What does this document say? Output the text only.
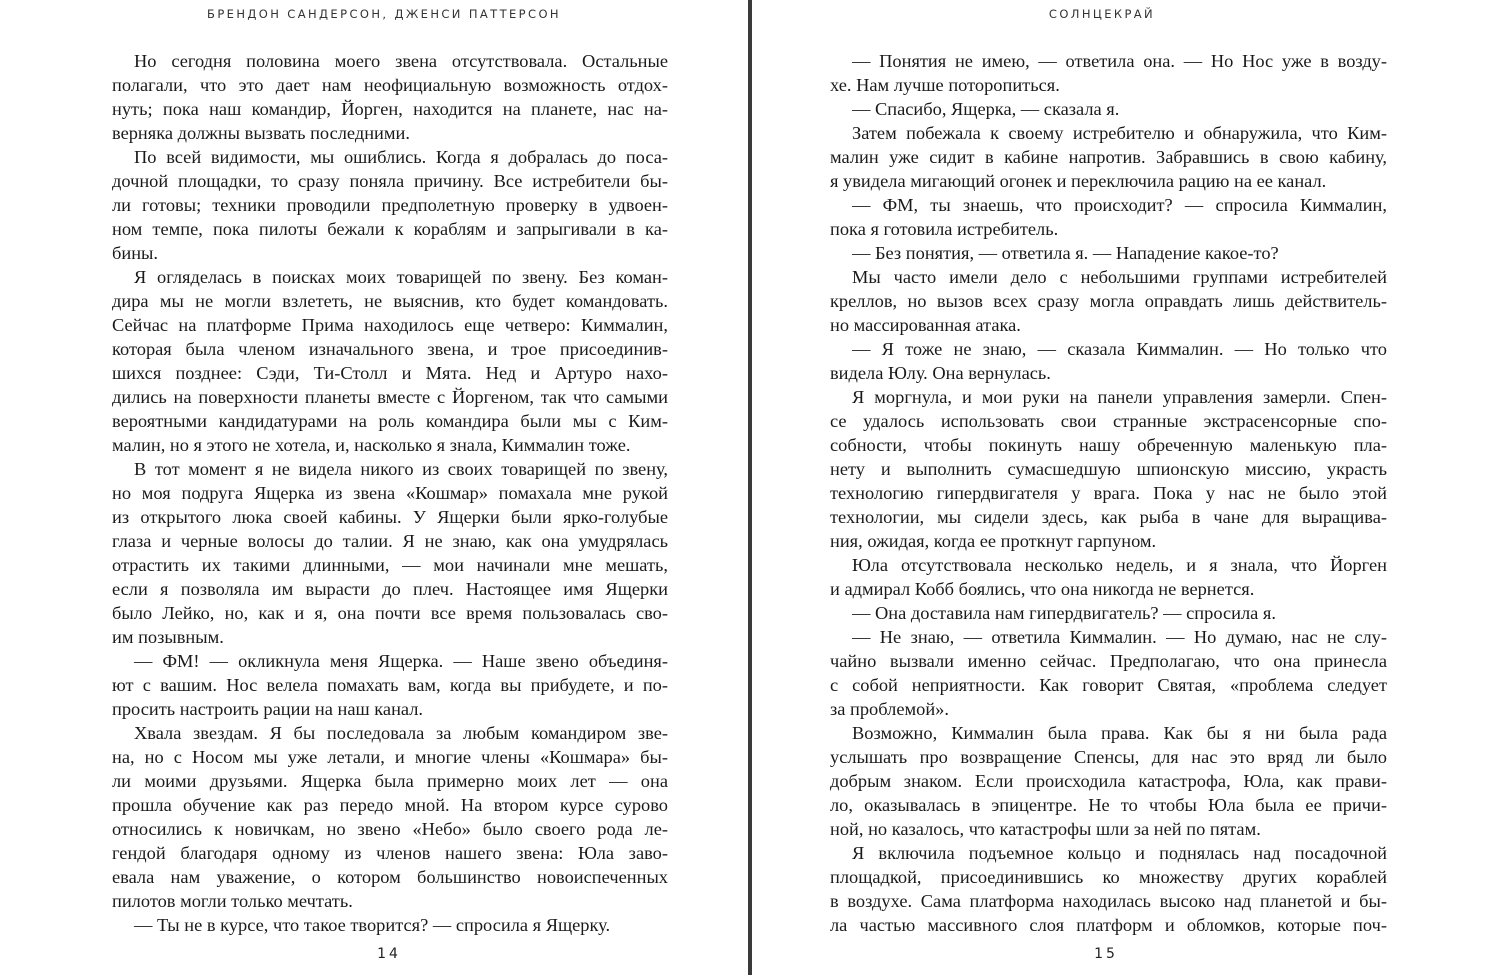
БРЕНДОН САНДЕРСОН, ДЖЕНСИ ПАТТЕРСОН
Но сегодня половина моего звена отсутствовала. Остальные
полагали, что это дает нам неофициальную возможность отдох-
нуть; пока наш командир, Йорген, находится на планете, нас на-
верняка должны вызвать последними.
По всей видимости, мы ошиблись. Когда я добралась до поса-
дочной площадки, то сразу поняла причину. Все истребители бы-
ли готовы; техники проводили предполетную проверку в удвоен-
ном темпе, пока пилоты бежали к кораблям и запрыгивали в ка-
бины.
Я огляделась в поисках моих товарищей по звену. Без коман-
дира мы не могли взлететь, не выяснив, кто будет командовать.
Сейчас на платформе Прима находилось еще четверо: Киммалин,
которая была членом изначального звена, и трое присоединив-
шихся позднее: Сэди, Ти-Столл и Мята. Нед и Артуро нахо-
дились на поверхности планеты вместе с Йоргеном, так что самыми
вероятными кандидатурами на роль командира были мы с Ким-
малин, но я этого не хотела, и, насколько я знала, Киммалин тоже.
В тот момент я не видела никого из своих товарищей по звену,
но моя подруга Ящерка из звена «Кошмар» помахала мне рукой
из открытого люка своей кабины. У Ящерки были ярко-голубые
глаза и черные волосы до талии. Я не знаю, как она умудрялась
отрастить их такими длинными, — мои начинали мне мешать,
если я позволяла им вырасти до плеч. Настоящее имя Ящерки
было Лейко, но, как и я, она почти все время пользовалась сво-
им позывным.
— ФМ! — окликнула меня Ящерка. — Наше звено объединя-
ют с вашим. Нос велела помахать вам, когда вы прибудете, и по-
просить настроить рации на наш канал.
Хвала звездам. Я бы последовала за любым командиром зве-
на, но с Носом мы уже летали, и многие члены «Кошмара» бы-
ли моими друзьями. Ящерка была примерно моих лет — она
прошла обучение как раз передо мной. На втором курсе сурово
относились к новичкам, но звено «Небо» было своего рода ле-
гендой благодаря одному из членов нашего звена: Юла заво-
евала нам уважение, о котором большинство новоиспеченных
пилотов могли только мечтать.
— Ты не в курсе, что такое творится? — спросила я Ящерку.
14
СОЛНЦЕКРАЙ
— Понятия не имею, — ответила она. — Но Нос уже в возду-
хе. Нам лучше поторопиться.
— Спасибо, Ящерка, — сказала я.
Затем побежала к своему истребителю и обнаружила, что Ким-
малин уже сидит в кабине напротив. Забравшись в свою кабину,
я увидела мигающий огонек и переключила рацию на ее канал.
— ФМ, ты знаешь, что происходит? — спросила Киммалин,
пока я готовила истребитель.
— Без понятия, — ответила я. — Нападение какое-то?
Мы часто имели дело с небольшими группами истребителей
креллов, но вызов всех сразу могла оправдать лишь действитель-
но массированная атака.
— Я тоже не знаю, — сказала Киммалин. — Но только что
видела Юлу. Она вернулась.
Я моргнула, и мои руки на панели управления замерли. Спен-
се удалось использовать свои странные экстрасенсорные спо-
собности, чтобы покинуть нашу обреченную маленькую пла-
нету и выполнить сумасшедшую шпионскую миссию, украсть
технологию гипердвигателя у врага. Пока у нас не было этой
технологии, мы сидели здесь, как рыба в чане для выращива-
ния, ожидая, когда ее проткнут гарпуном.
Юла отсутствовала несколько недель, и я знала, что Йорген
и адмирал Кобб боялись, что она никогда не вернется.
— Она доставила нам гипердвигатель? — спросила я.
— Не знаю, — ответила Киммалин. — Но думаю, нас не слу-
чайно вызвали именно сейчас. Предполагаю, что она принесла
с собой неприятности. Как говорит Святая, «проблема следует
за проблемой».
Возможно, Киммалин была права. Как бы я ни была рада
услышать про возвращение Спенсы, для нас это вряд ли было
добрым знаком. Если происходила катастрофа, Юла, как прави-
ло, оказывалась в эпицентре. Не то чтобы Юла была ее причи-
ной, но казалось, что катастрофы шли за ней по пятам.
Я включила подъемное кольцо и поднялась над посадочной
площадкой, присоединившись ко множеству других кораблей
в воздухе. Сама платформа находилась высоко над планетой и бы-
ла частью массивного слоя платформ и обломков, которые поч-
15
